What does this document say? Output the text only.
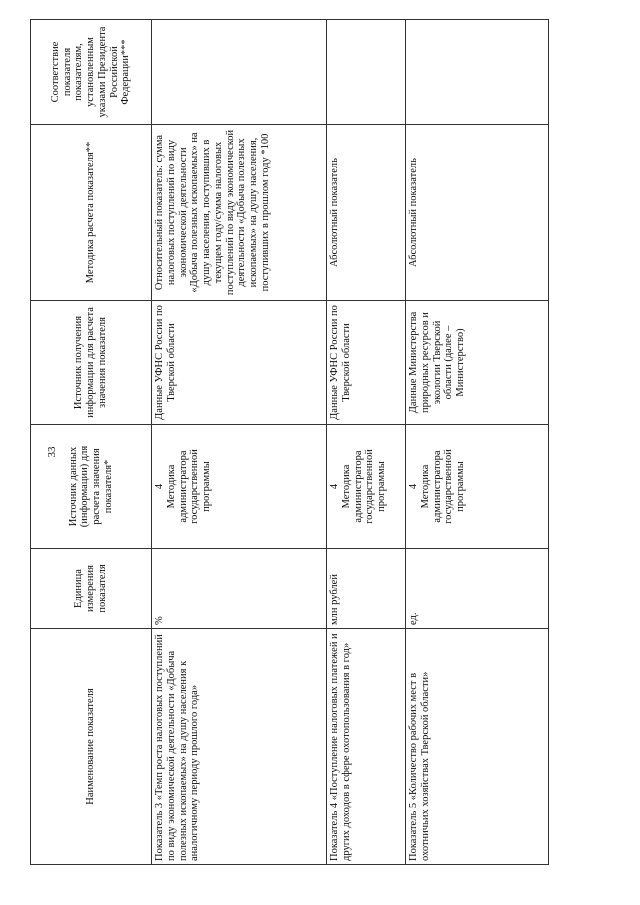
33
Наименование показателя	Единица измерения показателя	Источник данных (информации) для расчета значения показателя*	Источник получения информации для расчета значения показателя	Методика расчета показателя**	Соответствие показателя показателям, установленным указами Президента Российской Федерации***
Показатель 3 «Темп роста налоговых поступлений по виду экономической деятельности «Добыча полезных ископаемых» на душу населения к аналогичному периоду прошлого года»	%	4 Методика администратора государственной программы	Данные УФНС России по Тверской области	Относительный показатель: сумма налоговых поступлений по виду экономической деятельности «Добыча полезных ископаемых» на душу населения, поступивших в текущем году/сумма налоговых поступлений по виду экономической деятельности «Добыча полезных ископаемых» на душу населения, поступивших в прошлом году *100	
Показатель 4 «Поступление налоговых платежей и других доходов в сфере охотопользования в год»	млн рублей	4 Методика администратора государственной программы	Данные УФНС России по Тверской области	Абсолютный показатель	
Показатель 5 «Количество рабочих мест в охотничьих хозяйствах Тверской области»	ед.	4 Методика администратора государственной программы	Данные Министерства природных ресурсов и экологии Тверской области (далее – Министерство)	Абсолютный показатель	
